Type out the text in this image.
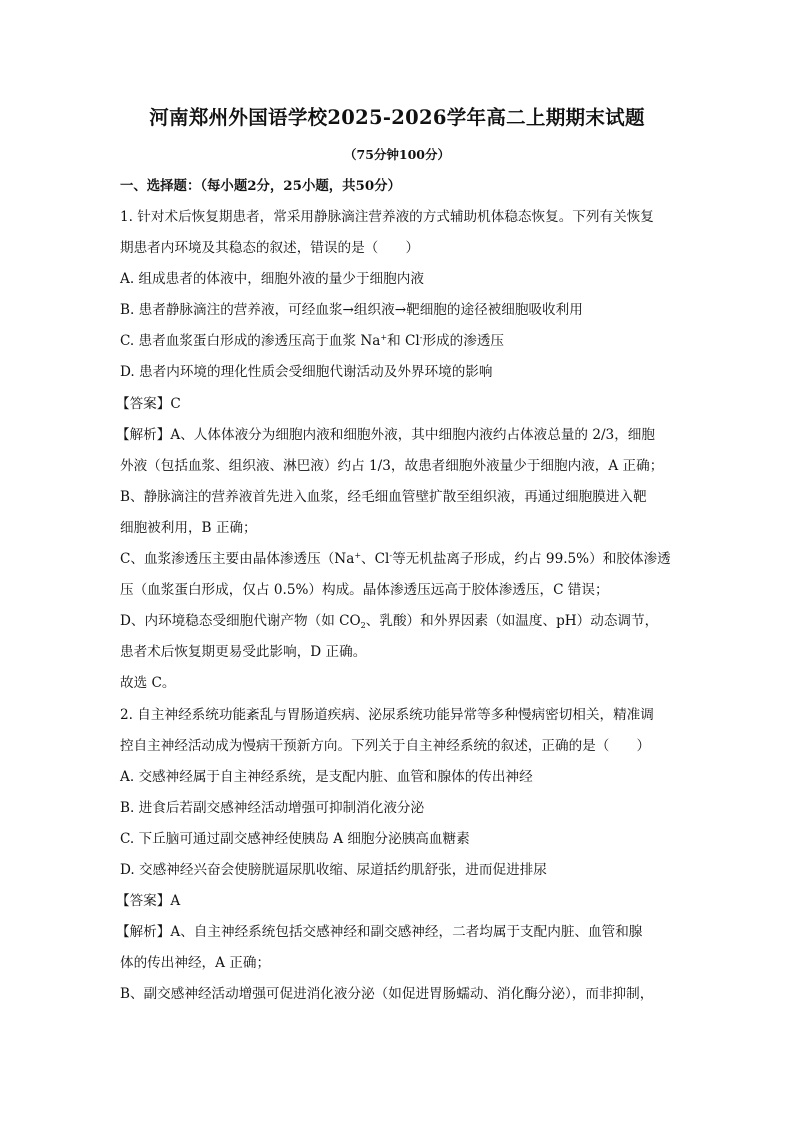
河南郑州外国语学校2025-2026学年高二上期期末试题
（75分钟100分）
一、选择题：（每小题2分，25小题，共50分）
1. 针对术后恢复期患者，常采用静脉滴注营养液的方式辅助机体稳态恢复。下列有关恢复
期患者内环境及其稳态的叙述，错误的是（　　）
A. 组成患者的体液中，细胞外液的量少于细胞内液
B. 患者静脉滴注的营养液，可经血浆→组织液→靶细胞的途径被细胞吸收利用
C. 患者血浆蛋白形成的渗透压高于血浆 Na+和 Cl-形成的渗透压
D. 患者内环境的理化性质会受细胞代谢活动及外界环境的影响
【答案】C
【解析】A、人体体液分为细胞内液和细胞外液，其中细胞内液约占体液总量的 2/3，细胞
外液（包括血浆、组织液、淋巴液）约占 1/3，故患者细胞外液量少于细胞内液，A 正确；
B、静脉滴注的营养液首先进入血浆，经毛细血管壁扩散至组织液，再通过细胞膜进入靶
细胞被利用，B 正确；
C、血浆渗透压主要由晶体渗透压（Na+、Cl-等无机盐离子形成，约占 99.5%）和胶体渗透
压（血浆蛋白形成，仅占 0.5%）构成。晶体渗透压远高于胶体渗透压，C 错误；
D、内环境稳态受细胞代谢产物（如 $CO_2$、乳酸）和外界因素（如温度、pH）动态调节，
患者术后恢复期更易受此影响，D 正确。
故选 C。
2. 自主神经系统功能紊乱与胃肠道疾病、泌尿系统功能异常等多种慢病密切相关，精准调
控自主神经活动成为慢病干预新方向。下列关于自主神经系统的叙述，正确的是（　　）
A. 交感神经属于自主神经系统，是支配内脏、血管和腺体的传出神经
B. 进食后若副交感神经活动增强可抑制消化液分泌
C. 下丘脑可通过副交感神经使胰岛 A 细胞分泌胰高血糖素
D. 交感神经兴奋会使膀胱逼尿肌收缩、尿道括约肌舒张，进而促进排尿
【答案】A
【解析】A、自主神经系统包括交感神经和副交感神经，二者均属于支配内脏、血管和腺
体的传出神经，A 正确；
B、副交感神经活动增强可促进消化液分泌（如促进胃肠蠕动、消化酶分泌），而非抑制，
